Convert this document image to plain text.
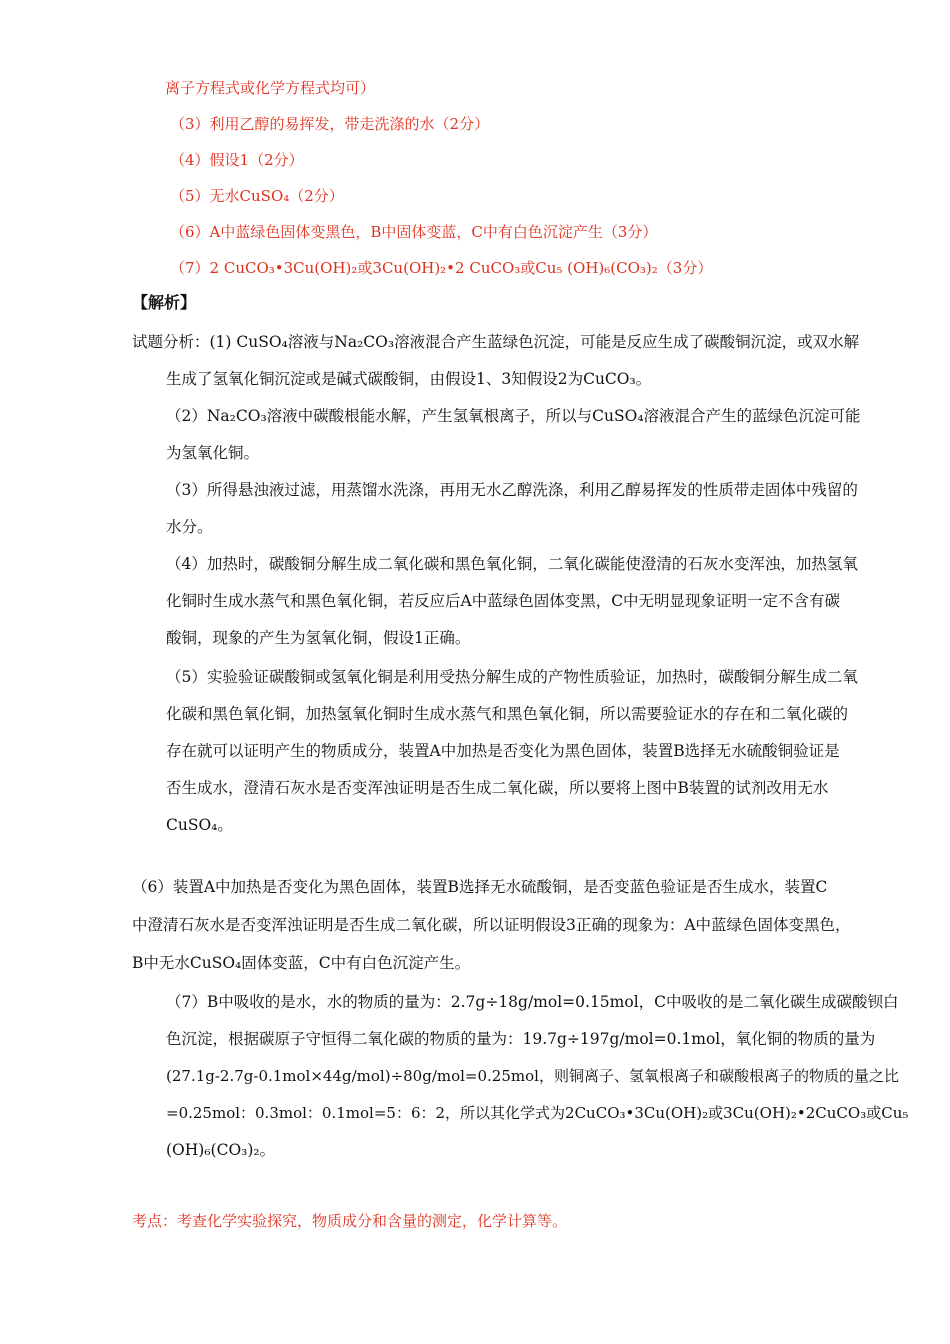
离子方程式或化学方程式均可）
（3）利用乙醇的易挥发，带走洗涤的水（2分）
（4）假设1（2分）
（5）无水CuSO₄（2分）
（6）A中蓝绿色固体变黑色，B中固体变蓝，C中有白色沉淀产生（3分）
（7）2 CuCO₃•3Cu(OH)₂或3Cu(OH)₂•2 CuCO₃或Cu₅ (OH)₆(CO₃)₂（3分）
【解析】
试题分析：(1) CuSO₄溶液与Na₂CO₃溶液混合产生蓝绿色沉淀，可能是反应生成了碳酸铜沉淀，或双水解
生成了氢氧化铜沉淀或是碱式碳酸铜，由假设1、3知假设2为CuCO₃。
（2）Na₂CO₃溶液中碳酸根能水解，产生氢氧根离子，所以与CuSO₄溶液混合产生的蓝绿色沉淀可能
为氢氧化铜。
（3）所得悬浊液过滤，用蒸馏水洗涤，再用无水乙醇洗涤，利用乙醇易挥发的性质带走固体中残留的
水分。
（4）加热时，碳酸铜分解生成二氧化碳和黑色氧化铜，二氧化碳能使澄清的石灰水变浑浊，加热氢氧
化铜时生成水蒸气和黑色氧化铜，若反应后A中蓝绿色固体变黑，C中无明显现象证明一定不含有碳
酸铜，现象的产生为氢氧化铜，假设1正确。
（5）实验验证碳酸铜或氢氧化铜是利用受热分解生成的产物性质验证，加热时，碳酸铜分解生成二氧
化碳和黑色氧化铜，加热氢氧化铜时生成水蒸气和黑色氧化铜，所以需要验证水的存在和二氧化碳的
存在就可以证明产生的物质成分，装置A中加热是否变化为黑色固体，装置B选择无水硫酸铜验证是
否生成水，澄清石灰水是否变浑浊证明是否生成二氧化碳，所以要将上图中B装置的试剂改用无水
CuSO₄。
（6）装置A中加热是否变化为黑色固体，装置B选择无水硫酸铜，是否变蓝色验证是否生成水，装置C
中澄清石灰水是否变浑浊证明是否生成二氧化碳，所以证明假设3正确的现象为：A中蓝绿色固体变黑色，
B中无水CuSO₄固体变蓝，C中有白色沉淀产生。
（7）B中吸收的是水，水的物质的量为：2.7g÷18g/mol=0.15mol，C中吸收的是二氧化碳生成碳酸钡白
色沉淀，根据碳原子守恒得二氧化碳的物质的量为：19.7g÷197g/mol=0.1mol，氧化铜的物质的量为
(27.1g-2.7g-0.1mol×44g/mol)÷80g/mol=0.25mol，则铜离子、氢氧根离子和碳酸根离子的物质的量之比
=0.25mol：0.3mol：0.1mol=5：6：2，所以其化学式为2CuCO₃•3Cu(OH)₂或3Cu(OH)₂•2CuCO₃或Cu₅
(OH)₆(CO₃)₂。
考点：考查化学实验探究，物质成分和含量的测定，化学计算等。
